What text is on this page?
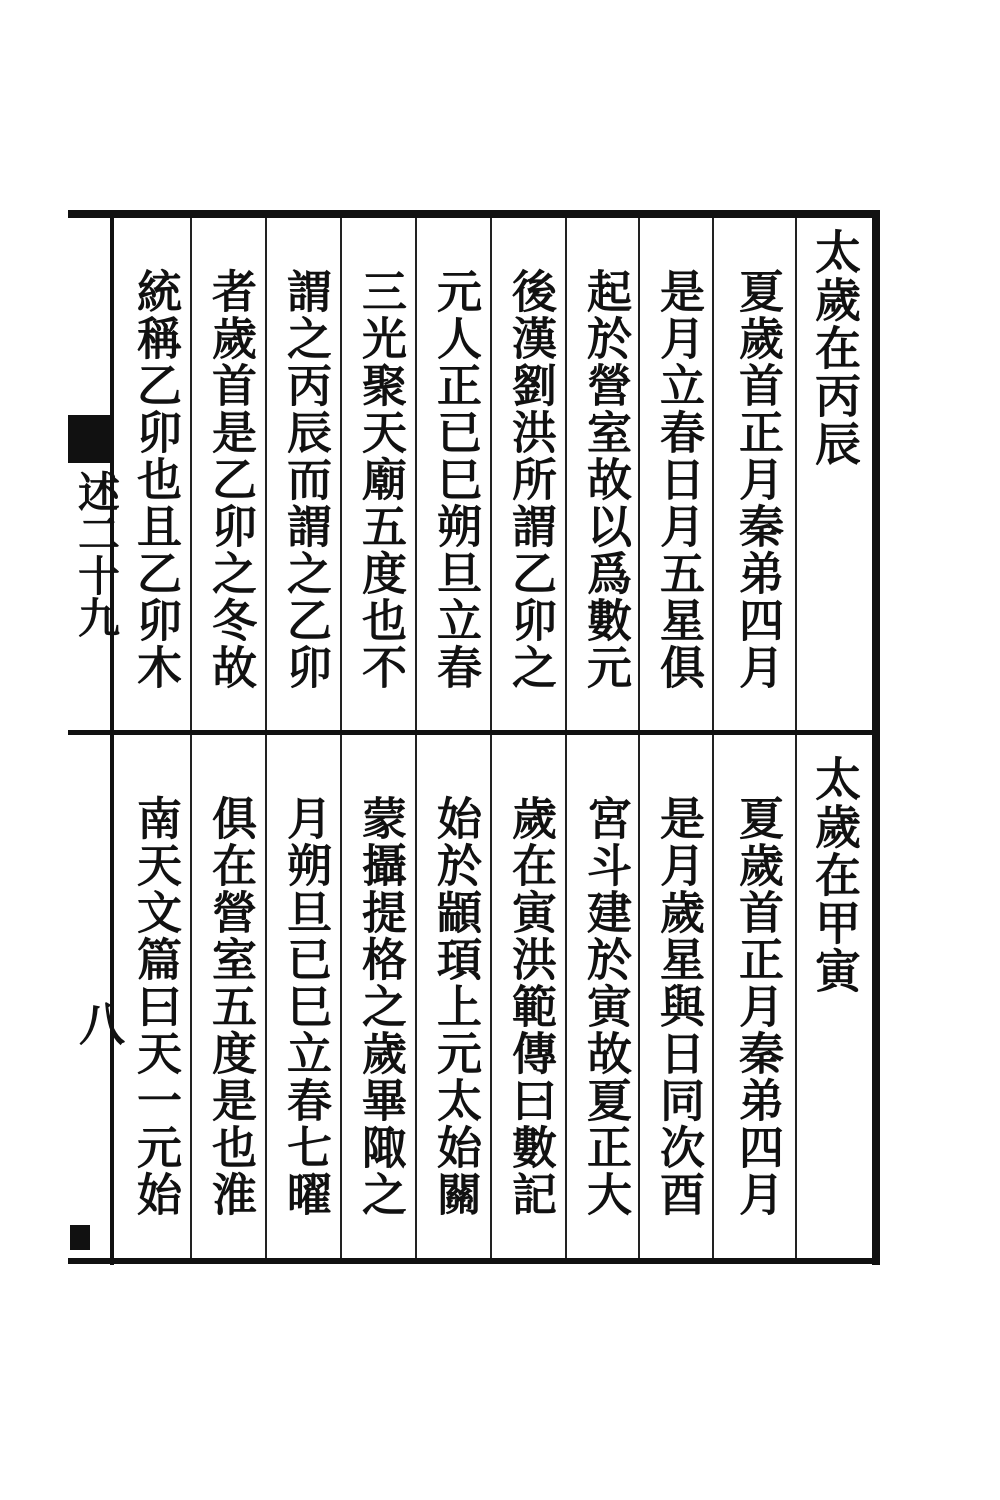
太歲在丙辰
夏歲首正月秦弟四月
是月立春日月五星俱
起於營室故以爲數元
後漢劉洪所謂乙卯之
元人正已巳朔旦立春
三光聚天廟五度也不
謂之丙辰而謂之乙卯
者歲首是乙卯之冬故
統稱乙卯也且乙卯木
太歲在甲寅
夏歲首正月秦弟四月
是月歲星與日同次酉
宮斗建於寅故夏正大
歲在寅洪範傳曰數記
始於顓頊上元太始關
蒙攝提格之歲畢陬之
月朔旦已巳立春七曜
俱在營室五度是也淮
南天文篇曰天一元始
述二十九
八
